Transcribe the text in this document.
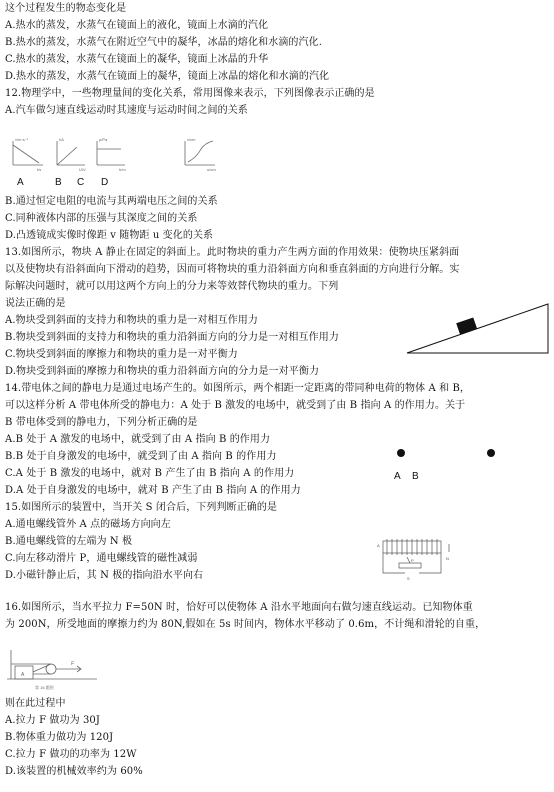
这个过程发生的物态变化是
A.热水的蒸发，水蒸气在镜面上的液化，镜面上水滴的汽化
B.热水的蒸发，水蒸气在附近空气中的凝华，冰晶的熔化和水滴的汽化.
C.热水的蒸发，水蒸气在镜面上的凝华，镜面上冰晶的升华
D.热水的蒸发，水蒸气在镜面上的凝华，镜面上冰晶的熔化和水滴的汽化
12.物理学中，一些物理量间的变化关系，常用图像来表示，下列图像表示正确的是
A.汽车做匀速直线运动时其速度与运动时间之间的关系
v/m·s⁻¹
t/s
I/A
U/V
p/Pa
h/m
v/cm
u/cm
A	B C D
B.通过恒定电阻的电流与其两端电压之间的关系
C.同种液体内部的压强与其深度之间的关系
D.凸透镜成实像时像距 v 随物距 u 变化的关系
13.如图所示，物块 A 静止在固定的斜面上。此时物块的重力产生两方面的作用效果：使物块压紧斜面
以及使物块有沿斜面向下滑动的趋势，因而可将物块的重力沿斜面方向和垂直斜面的方向进行分解。实
际解决问题时，就可以用这两个方向上的分力来等效替代物块的重力。下列
说法正确的是
A.物块受到斜面的支持力和物块的重力是一对相互作用力
B.物块受到斜面的支持力和物块的重力沿斜面方向的分力是一对相互作用力
C.物块受到斜面的摩擦力和物块的重力是一对平衡力
D.物块受到斜面的摩擦力和物块的重力沿斜面方向的分力是一对平衡力
14.带电体之间的静电力是通过电场产生的。如图所示，两个相距一定距离的带同种电荷的物体 A 和 B，
可以这样分析 A 带电体所受的静电力：A 处于 B 激发的电场中，就受到了由 B 指向 A 的作用力。关于
B 带电体受到的静电力，下列分析正确的是
A.B 处于 A 激发的电场中，就受到了由 A 指向 B 的作用力
B.B 处于自身激发的电场中，就受到了由 A 指向 B 的作用力
C.A 处于 B 激发的电场中，就对 B 产生了由 B 指向 A 的作用力
D.A 处于自身激发的电场中，就对 B 产生了由 B 指向 A 的作用力
A B
15.如图所示的装置中，当开关 S 闭合后，下列判断正确的是
A.通电螺线管外 A 点的磁场方向向左
B.通电螺线管的左端为 N 极
C.向左移动滑片 P，通电螺线管的磁性减弱
D.小磁针静止后，其 N 极的指向沿水平向右
N
S
P
A
16.如图所示，当水平拉力 F=50N 时，恰好可以使物体 A 沿水平地面向右做匀速直线运动。已知物体重
为 200N，所受地面的摩擦力约为 80N,假如在 5s 时间内，物体水平移动了 0.6m，不计绳和滑轮的自重，
A
F
第 16 题图
则在此过程中
A.拉力 F 做功为 30J
B.物体重力做功为 120J
C.拉力 F 做功的功率为 12W
D.该装置的机械效率约为 60%
